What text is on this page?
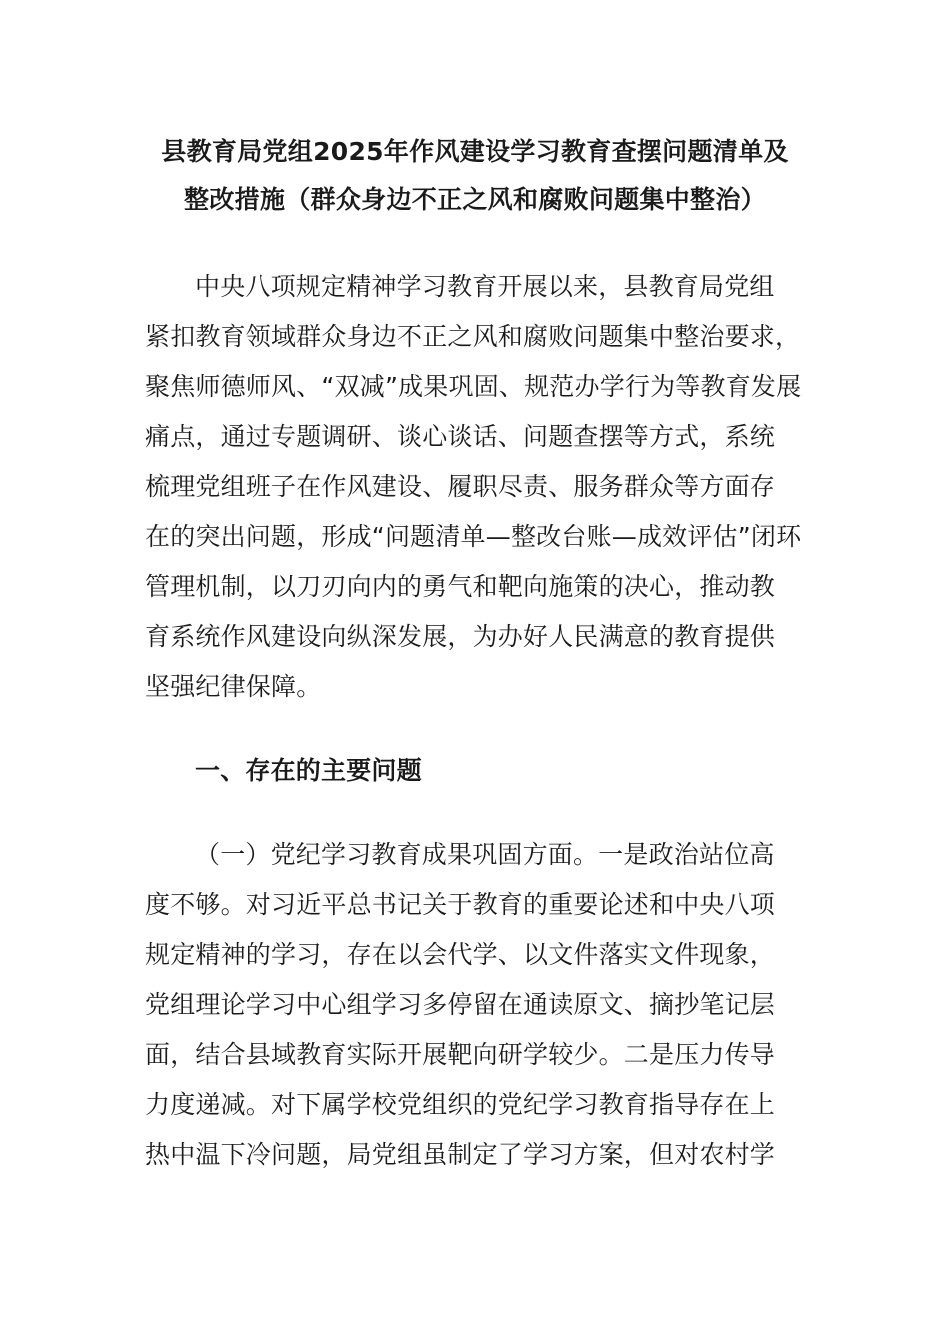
县教育局党组2025年作风建设学习教育查摆问题清单及
整改措施（群众身边不正之风和腐败问题集中整治）
中央八项规定精神学习教育开展以来，县教育局党组
紧扣教育领域群众身边不正之风和腐败问题集中整治要求，
聚焦师德师风、“双减”成果巩固、规范办学行为等教育发展
痛点，通过专题调研、谈心谈话、问题查摆等方式，系统
梳理党组班子在作风建设、履职尽责、服务群众等方面存
在的突出问题，形成“问题清单—整改台账—成效评估”闭环
管理机制，以刀刃向内的勇气和靶向施策的决心，推动教
育系统作风建设向纵深发展，为办好人民满意的教育提供
坚强纪律保障。
一、存在的主要问题
（一）党纪学习教育成果巩固方面。一是政治站位高
度不够。对习近平总书记关于教育的重要论述和中央八项
规定精神的学习，存在以会代学、以文件落实文件现象，
党组理论学习中心组学习多停留在通读原文、摘抄笔记层
面，结合县域教育实际开展靶向研学较少。二是压力传导
力度递减。对下属学校党组织的党纪学习教育指导存在上
热中温下冷问题，局党组虽制定了学习方案，但对农村学
